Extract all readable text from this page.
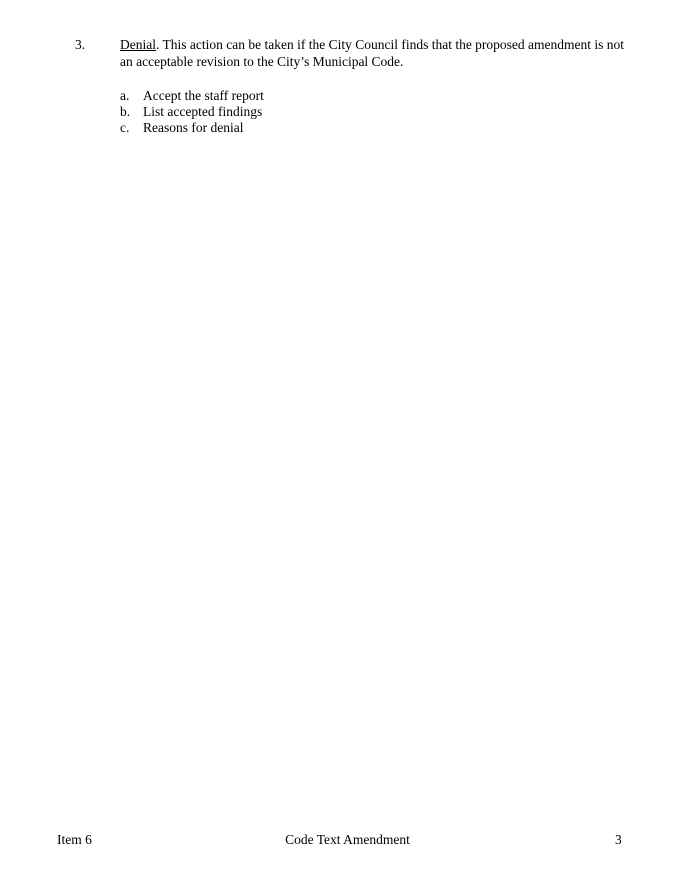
3.	Denial. This action can be taken if the City Council finds that the proposed amendment is not an acceptable revision to the City’s Municipal Code.
a.	Accept the staff report
b. List accepted findings
c.	Reasons for denial
Item 6	Code Text Amendment	3
